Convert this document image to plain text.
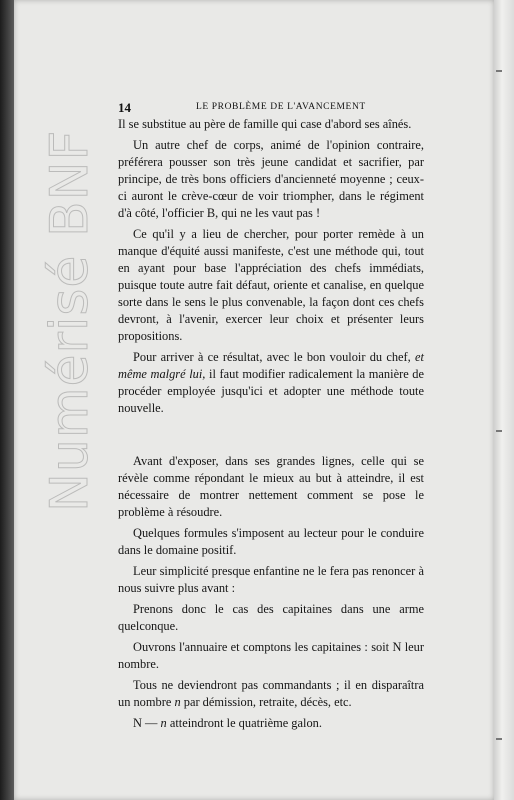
14	LE PROBLÈME DE L'AVANCEMENT

Il se substitue au père de famille qui case d'abord ses aînés.

Un autre chef de corps, animé de l'opinion contraire, préférera pousser son très jeune candidat et sacrifier, par principe, de très bons officiers d'ancienneté moyenne ; ceux-ci auront le crève-cœur de voir triompher, dans le régiment d'à côté, l'officier B, qui ne les vaut pas !

Ce qu'il y a lieu de chercher, pour porter remède à un manque d'équité aussi manifeste, c'est une méthode qui, tout en ayant pour base l'appréciation des chefs immédiats, puisque toute autre fait défaut, oriente et canalise, en quelque sorte dans le sens le plus convenable, la façon dont ces chefs devront, à l'avenir, exercer leur choix et présenter leurs propositions.

Pour arriver à ce résultat, avec le bon vouloir du chef, et même malgré lui, il faut modifier radicalement la manière de procéder employée jusqu'ici et adopter une méthode toute nouvelle.

Avant d'exposer, dans ses grandes lignes, celle qui se révèle comme répondant le mieux au but à atteindre, il est nécessaire de montrer nettement comment se pose le problème à résoudre.

Quelques formules s'imposent au lecteur pour le conduire dans le domaine positif.

Leur simplicité presque enfantine ne le fera pas renoncer à nous suivre plus avant :

Prenons donc le cas des capitaines dans une arme quelconque.

Ouvrons l'annuaire et comptons les capitaines : soit N leur nombre.

Tous ne deviendront pas commandants ; il en disparaîtra un nombre n par démission, retraite, décès, etc.

N — n atteindront le quatrième galon.
